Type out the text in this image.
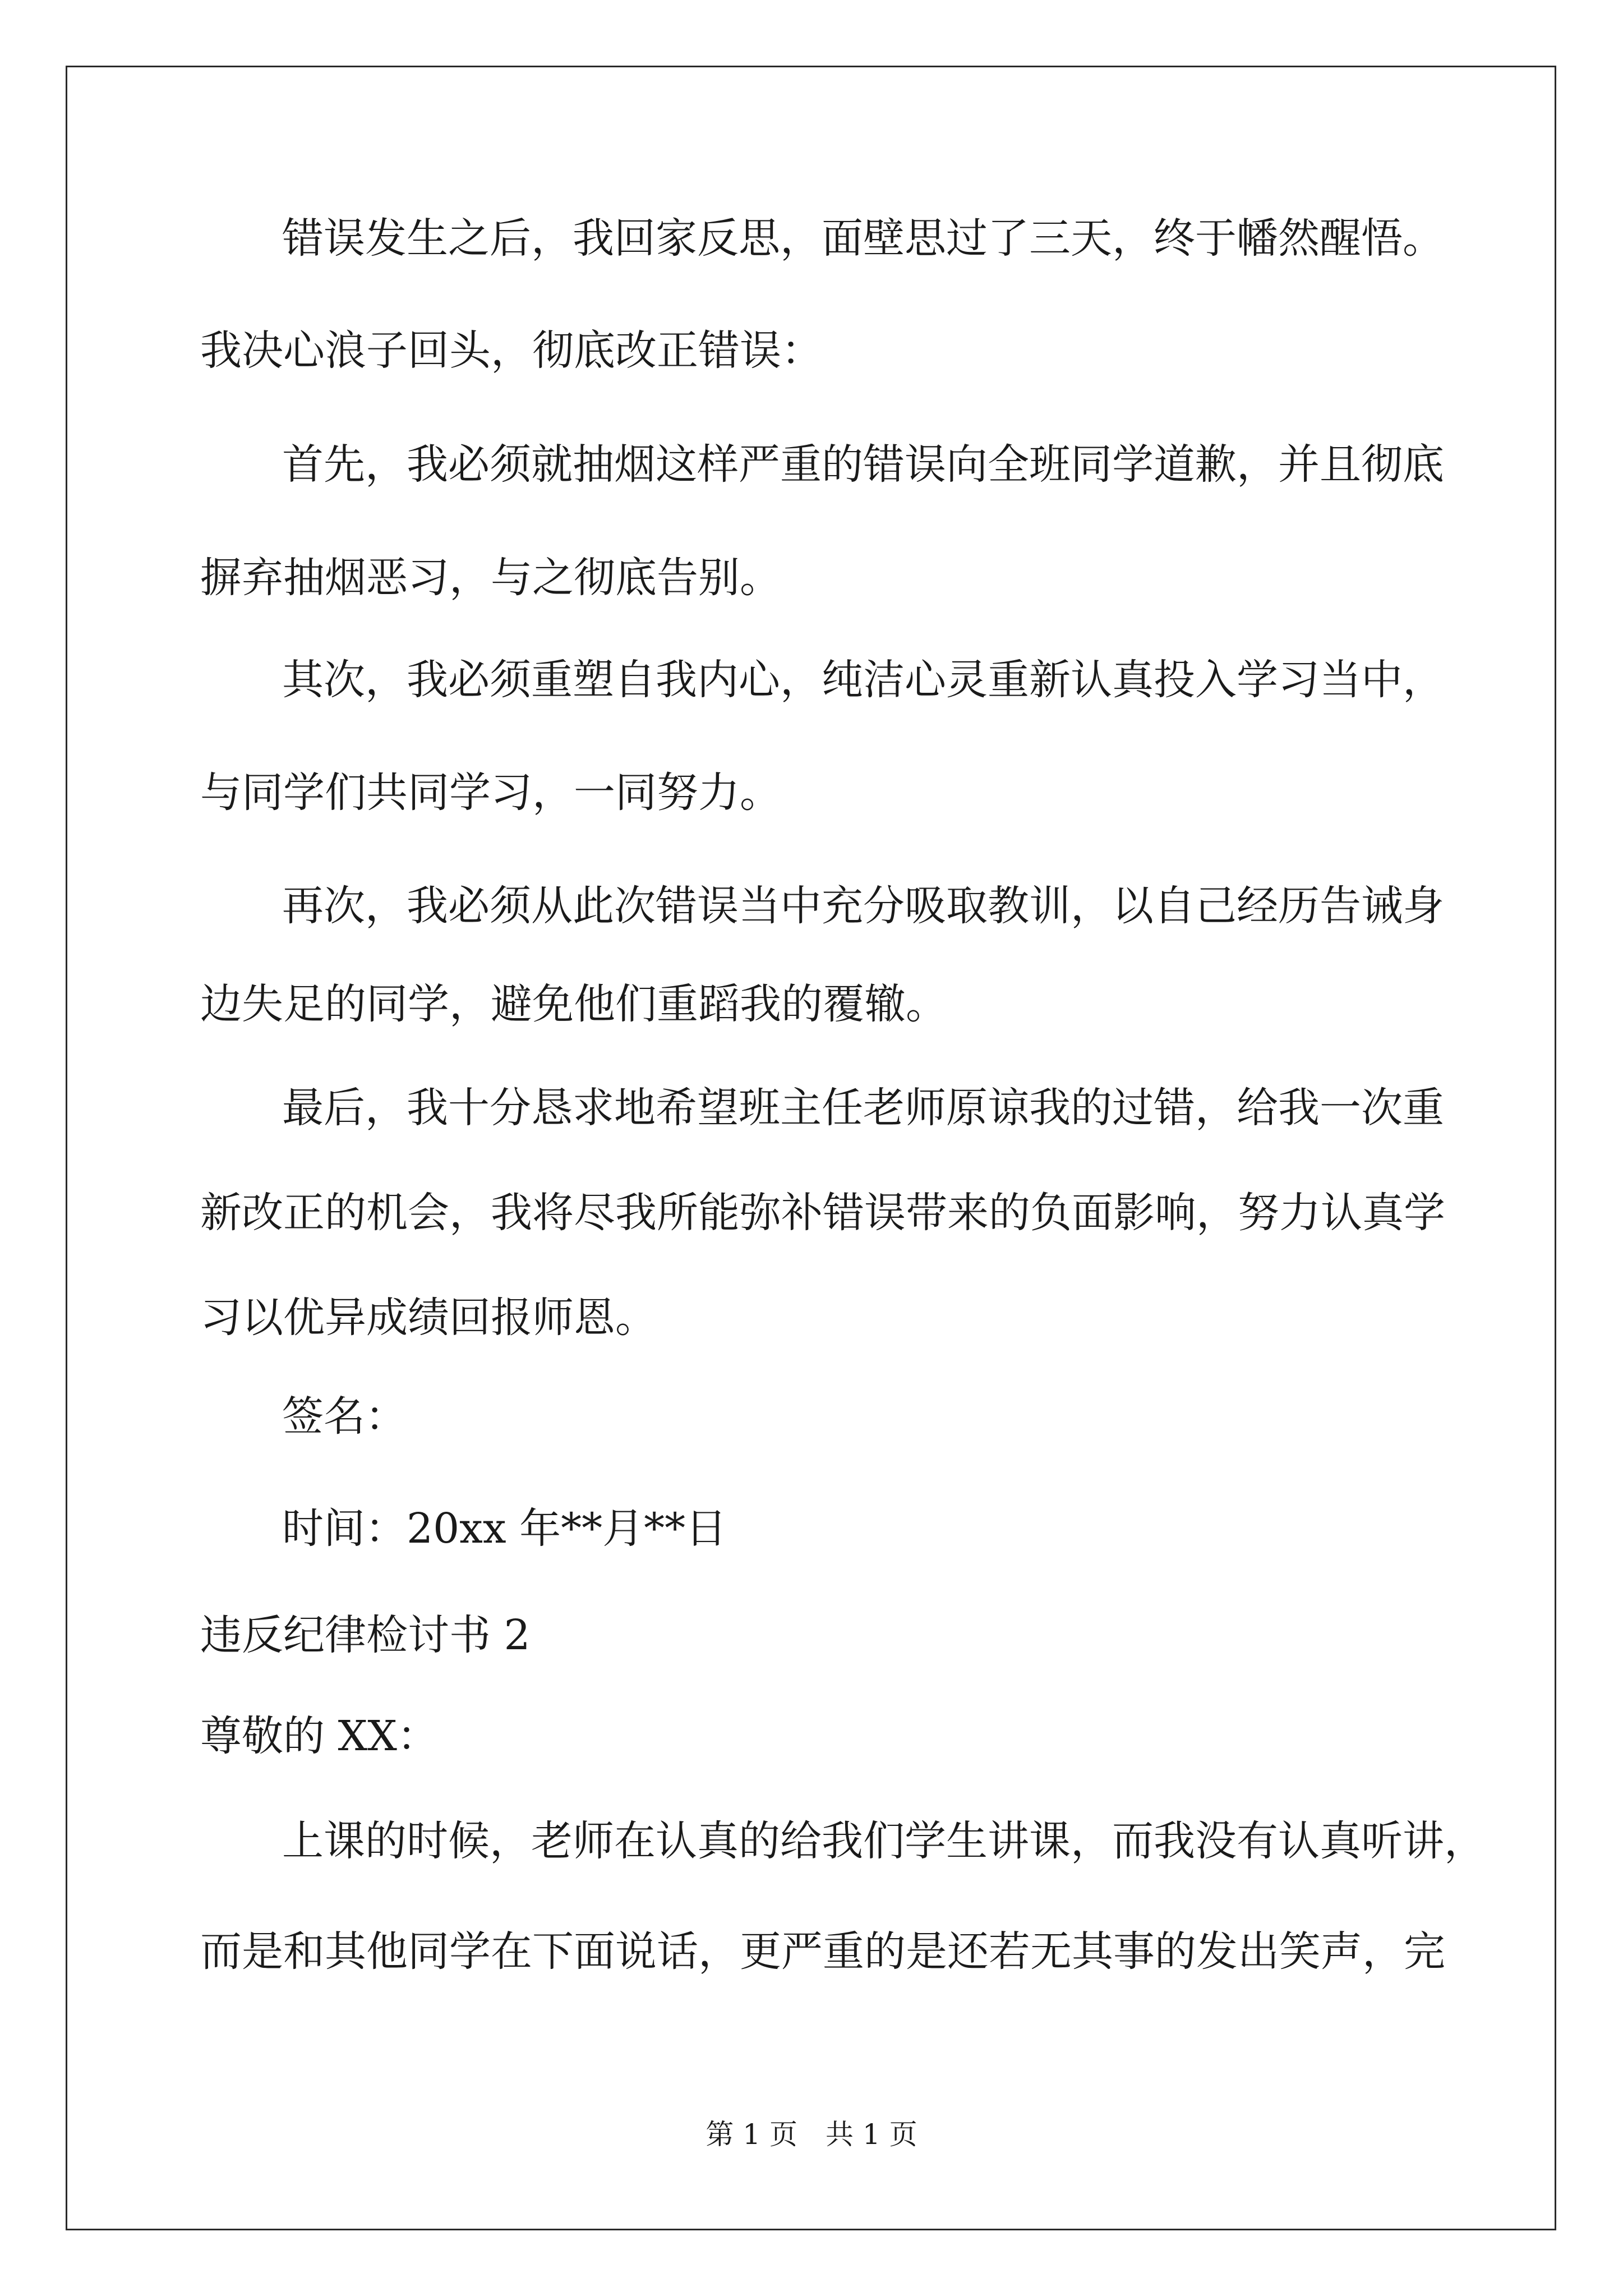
错误发生之后，我回家反思，面壁思过了三天，终于幡然醒悟。
我决心浪子回头，彻底改正错误：
首先，我必须就抽烟这样严重的错误向全班同学道歉，并且彻底
摒弃抽烟恶习，与之彻底告别。
其次，我必须重塑自我内心，纯洁心灵重新认真投入学习当中，
与同学们共同学习，一同努力。
再次，我必须从此次错误当中充分吸取教训，以自己经历告诫身
边失足的同学，避免他们重蹈我的覆辙。
最后，我十分恳求地希望班主任老师原谅我的过错，给我一次重
新改正的机会，我将尽我所能弥补错误带来的负面影响，努力认真学
习以优异成绩回报师恩。
签名：
时间：20xx 年**月**日
违反纪律检讨书 2
尊敬的 XX：
上课的时候，老师在认真的给我们学生讲课，而我没有认真听讲，
而是和其他同学在下面说话，更严重的是还若无其事的发出笑声，完
第 1 页　共 1 页
